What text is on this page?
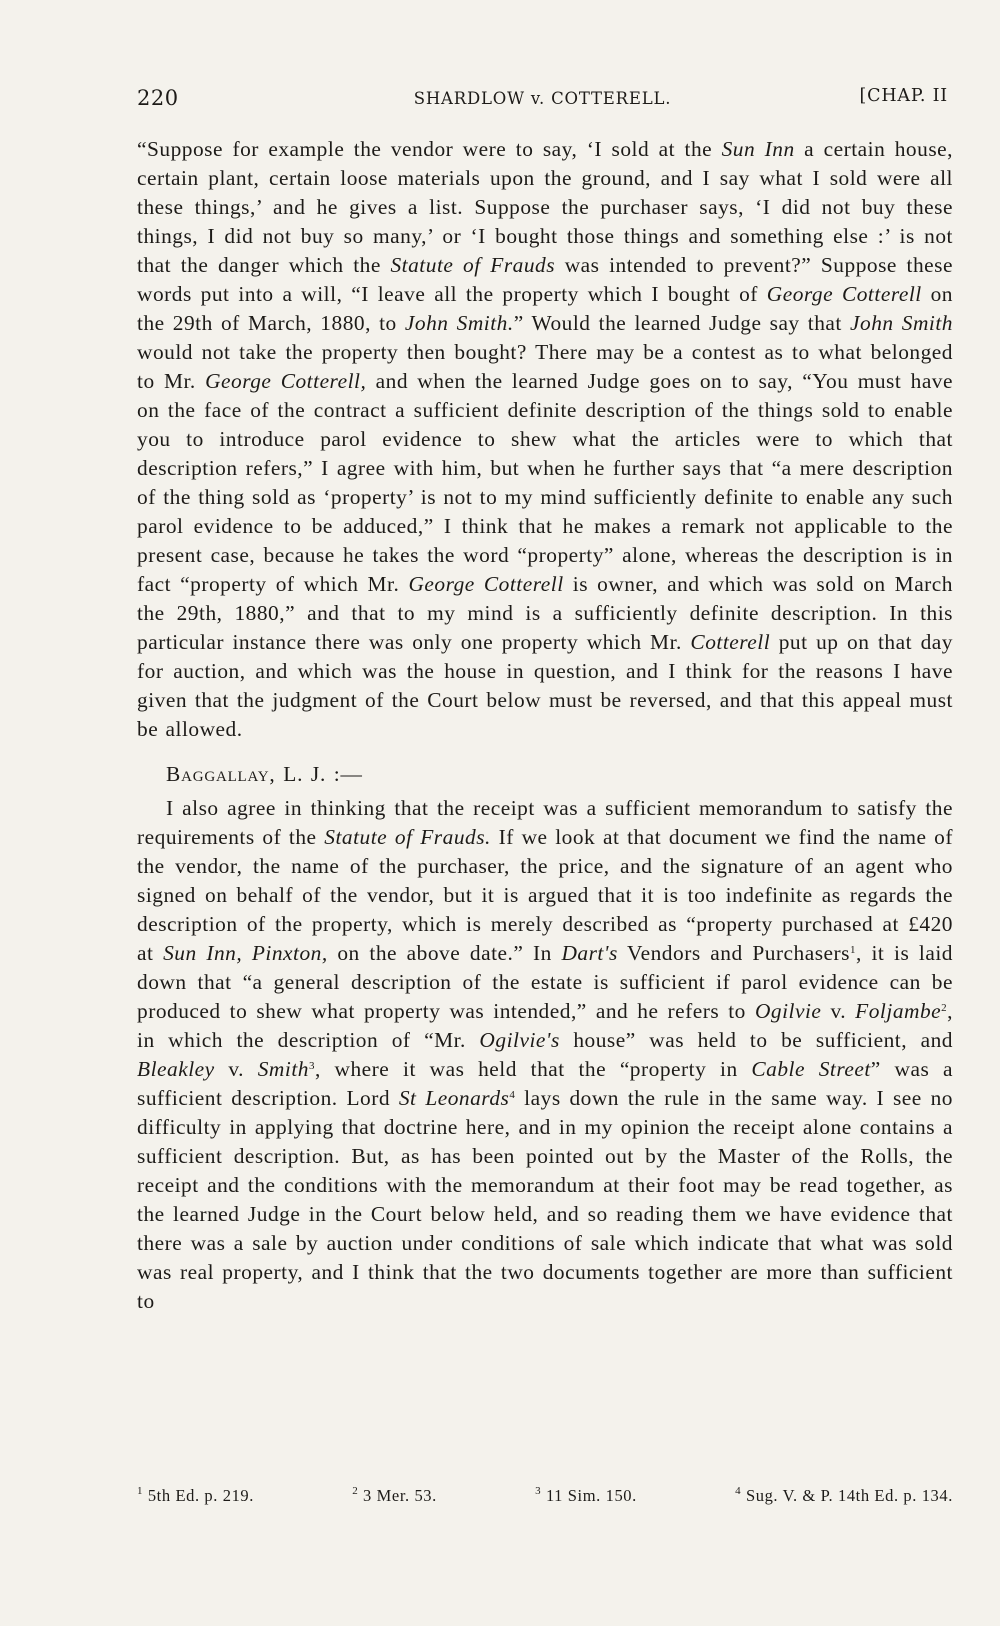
220	SHARDLOW v. COTTERELL.	[CHAP. II

“Suppose for example the vendor were to say, ‘I sold at the Sun Inn a certain house, certain plant, certain loose materials upon the ground, and I say what I sold were all these things,’ and he gives a list. Suppose the purchaser says, ‘I did not buy these things, I did not buy so many,’ or ‘I bought those things and something else :’ is not that the danger which the Statute of Frauds was intended to prevent?” Suppose these words put into a will, “I leave all the property which I bought of George Cotterell on the 29th of March, 1880, to John Smith.” Would the learned Judge say that John Smith would not take the property then bought? There may be a contest as to what belonged to Mr. George Cotterell, and when the learned Judge goes on to say, “You must have on the face of the contract a sufficient definite description of the things sold to enable you to introduce parol evidence to shew what the articles were to which that description refers,” I agree with him, but when he further says that “a mere description of the thing sold as ‘property’ is not to my mind sufficiently definite to enable any such parol evidence to be adduced,” I think that he makes a remark not applicable to the present case, because he takes the word “property” alone, whereas the description is in fact “property of which Mr. George Cotterell is owner, and which was sold on March the 29th, 1880,” and that to my mind is a sufficiently definite description. In this particular instance there was only one property which Mr. Cotterell put up on that day for auction, and which was the house in question, and I think for the reasons I have given that the judgment of the Court below must be reversed, and that this appeal must be allowed.

Baggallay, L. J. :—

I also agree in thinking that the receipt was a sufficient memorandum to satisfy the requirements of the Statute of Frauds. If we look at that document we find the name of the vendor, the name of the purchaser, the price, and the signature of an agent who signed on behalf of the vendor, but it is argued that it is too indefinite as regards the description of the property, which is merely described as “property purchased at £420 at Sun Inn, Pinxton, on the above date.” In Dart's Vendors and Purchasers$^1$, it is laid down that “a general description of the estate is sufficient if parol evidence can be produced to shew what property was intended,” and he refers to Ogilvie v. Foljambe$^2$, in which the description of “Mr. Ogilvie's house” was held to be sufficient, and Bleakley v. Smith$^3$, where it was held that the “property in Cable Street” was a sufficient description. Lord St Leonards$^4$ lays down the rule in the same way. I see no difficulty in applying that doctrine here, and in my opinion the receipt alone contains a sufficient description. But, as has been pointed out by the Master of the Rolls, the receipt and the conditions with the memorandum at their foot may be read together, as the learned Judge in the Court below held, and so reading them we have evidence that there was a sale by auction under conditions of sale which indicate that what was sold was real property, and I think that the two documents together are more than sufficient to

$^1$ 5th Ed. p. 219.	$^2$ 3 Mer. 53.	$^3$ 11 Sim. 150.	$^4$ Sug. V. & P. 14th Ed. p. 134.
